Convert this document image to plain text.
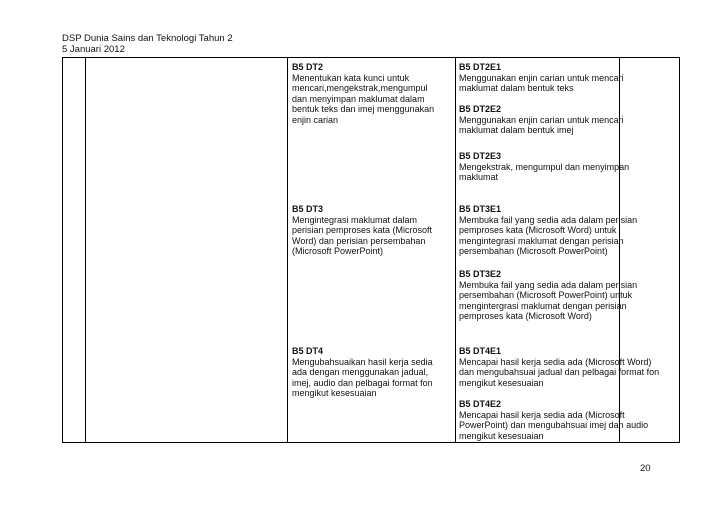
DSP Dunia Sains dan Teknologi Tahun 2
5 Januari 2012
B5 DT2
Menentukan kata kunci untuk
mencari,mengekstrak,mengumpul
dan menyimpan maklumat dalam
bentuk teks dan imej menggunakan
enjin carian
B5 DT2E1
Menggunakan enjin carian untuk mencari
maklumat dalam bentuk teks
B5 DT2E2
Menggunakan enjin carian untuk mencari
maklumat dalam bentuk imej
B5 DT2E3
Mengekstrak, mengumpul dan menyimpan
maklumat
B5 DT3
Mengintegrasi maklumat dalam
perisian pemproses kata (Microsoft
Word) dan perisian persembahan
(Microsoft PowerPoint)
B5 DT3E1
Membuka fail yang sedia ada dalam perisian
pemproses kata (Microsoft Word) untuk
mengintegrasi maklumat dengan perisian
persembahan (Microsoft PowerPoint)
B5 DT3E2
Membuka fail yang sedia ada dalam perisian
persembahan (Microsoft PowerPoint) untuk
mengintergrasi maklumat dengan perisian
pemproses kata (Microsoft Word)
B5 DT4
Mengubahsuaikan hasil kerja sedia
ada dengan menggunakan jadual,
imej, audio dan pelbagai format fon
mengikut kesesuaian
B5 DT4E1
Mencapai hasil kerja sedia ada (Microsoft Word)
dan mengubahsuai jadual dan pelbagai format fon
mengikut kesesuaian
B5 DT4E2
Mencapai hasil kerja sedia ada (Microsoft
PowerPoint) dan mengubahsuai imej dan audio
mengikut kesesuaian
20
